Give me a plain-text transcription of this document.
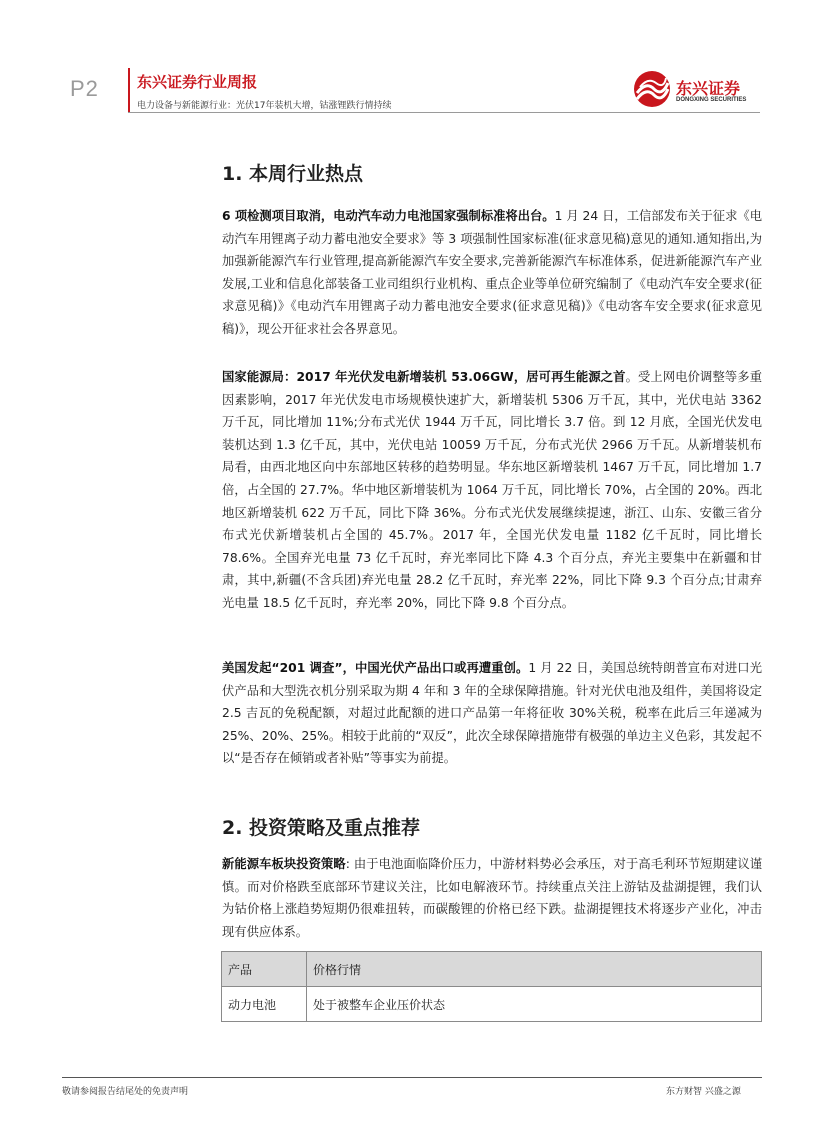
P2	东兴证券行业周报
电力设备与新能源行业：光伏17年装机大增，钴涨锂跌行情持续
东兴证券
DONGXING SECURITIES
1. 本周行业热点

6 项检测项目取消，电动汽车动力电池国家强制标准将出台。1 月 24 日，工信部发布关于征求《电动汽车用锂离子动力蓄电池安全要求》等 3 项强制性国家标准(征求意见稿)意见的通知.通知指出,为加强新能源汽车行业管理,提高新能源汽车安全要求,完善新能源汽车标准体系，促进新能源汽车产业发展,工业和信息化部装备工业司组织行业机构、重点企业等单位研究编制了《电动汽车安全要求(征求意见稿)》《电动汽车用锂离子动力蓄电池安全要求(征求意见稿)》《电动客车安全要求(征求意见稿)》，现公开征求社会各界意见。

国家能源局：2017 年光伏发电新增装机 53.06GW，居可再生能源之首。受上网电价调整等多重因素影响，2017 年光伏发电市场规模快速扩大，新增装机 5306 万千瓦，其中，光伏电站 3362 万千瓦，同比增加 11%;分布式光伏 1944 万千瓦，同比增长 3.7 倍。到 12 月底，全国光伏发电装机达到 1.3 亿千瓦，其中，光伏电站 10059 万千瓦，分布式光伏 2966 万千瓦。从新增装机布局看，由西北地区向中东部地区转移的趋势明显。华东地区新增装机 1467 万千瓦，同比增加 1.7 倍，占全国的 27.7%。华中地区新增装机为 1064 万千瓦，同比增长 70%，占全国的 20%。西北地区新增装机 622 万千瓦，同比下降 36%。分布式光伏发展继续提速，浙江、山东、安徽三省分布式光伏新增装机占全国的 45.7%。2017 年，全国光伏发电量 1182 亿千瓦时，同比增长 78.6%。全国弃光电量 73 亿千瓦时，弃光率同比下降 4.3 个百分点，弃光主要集中在新疆和甘肃，其中,新疆(不含兵团)弃光电量 28.2 亿千瓦时，弃光率 22%，同比下降 9.3 个百分点;甘肃弃光电量 18.5 亿千瓦时，弃光率 20%，同比下降 9.8 个百分点。

美国发起“201 调查”，中国光伏产品出口或再遭重创。1 月 22 日，美国总统特朗普宣布对进口光伏产品和大型洗衣机分别采取为期 4 年和 3 年的全球保障措施。针对光伏电池及组件，美国将设定 2.5 吉瓦的免税配额，对超过此配额的进口产品第一年将征收 30%关税，税率在此后三年递减为 25%、20%、25%。相较于此前的“双反”，此次全球保障措施带有极强的单边主义色彩，其发起不以“是否存在倾销或者补贴”等事实为前提。

2. 投资策略及重点推荐

新能源车板块投资策略: 由于电池面临降价压力，中游材料势必会承压，对于高毛利环节短期建议谨慎。而对价格跌至底部环节建议关注，比如电解液环节。持续重点关注上游钴及盐湖提锂，我们认为钴价格上涨趋势短期仍很难扭转，而碳酸锂的价格已经下跌。盐湖提锂技术将逐步产业化，冲击现有供应体系。

产品	价格行情
动力电池	处于被整车企业压价状态
敬请参阅报告结尾处的免责声明	东方财智 兴盛之源
